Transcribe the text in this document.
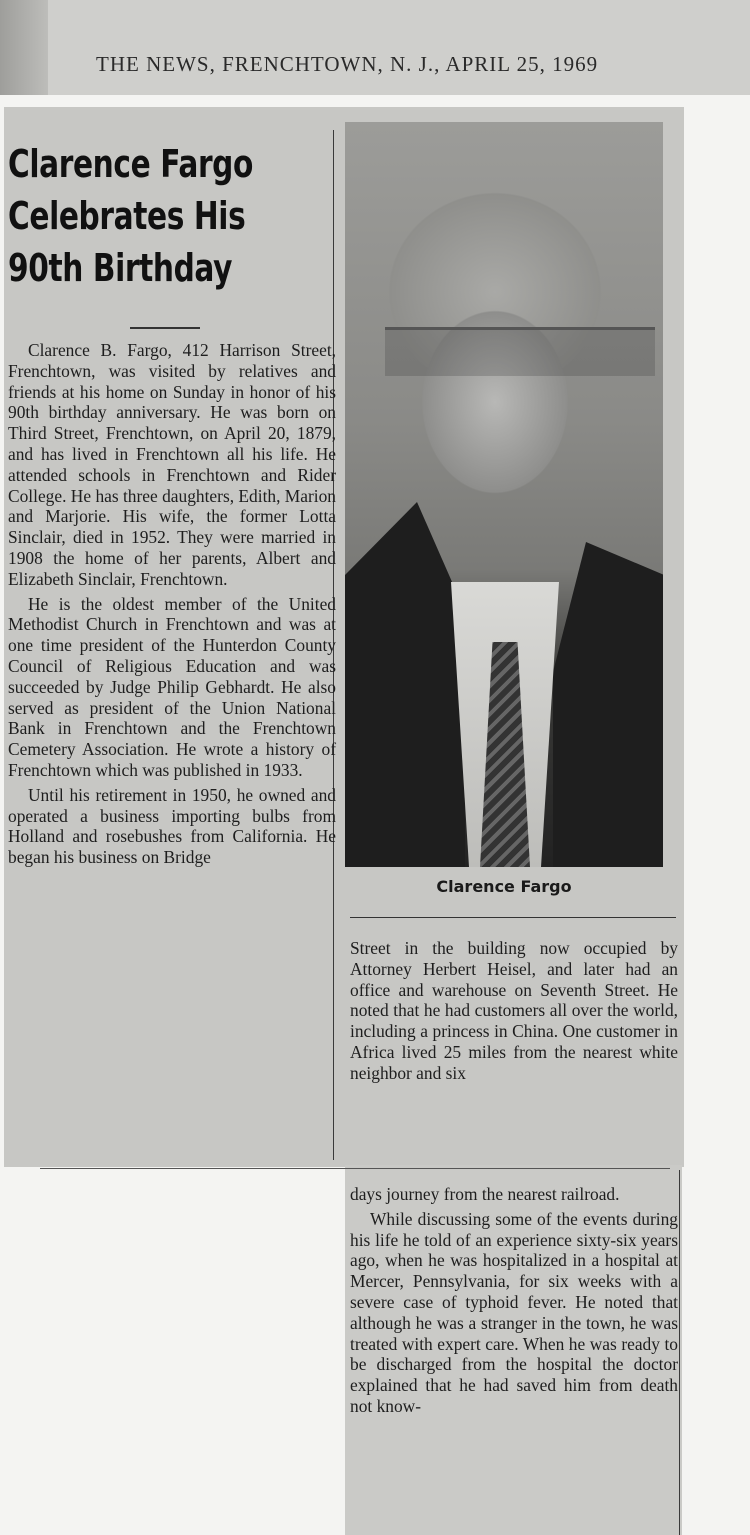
THE NEWS, FRENCHTOWN, N. J., APRIL 25, 1969
Clarence Fargo
Celebrates His
90th Birthday

Clarence B. Fargo, 412 Harrison Street, Frenchtown, was visited by relatives and friends at his home on Sunday in honor of his 90th birthday anniversary. He was born on Third Street, Frenchtown, on April 20, 1879, and has lived in Frenchtown all his life. He attended schools in Frenchtown and Rider College. He has three daughters, Edith, Marion and Marjorie. His wife, the former Lotta Sinclair, died in 1952. They were married in 1908 the home of her parents, Albert and Elizabeth Sinclair, Frenchtown.

He is the oldest member of the United Methodist Church in Frenchtown and was at one time president of the Hunterdon County Council of Religious Education and was succeeded by Judge Philip Gebhardt. He also served as president of the Union National Bank in Frenchtown and the Frenchtown Cemetery Association. He wrote a history of Frenchtown which was published in 1933.

Until his retirement in 1950, he owned and operated a business importing bulbs from Holland and rosebushes from California. He began his business on Bridge

Clarence Fargo

Street in the building now occupied by Attorney Herbert Heisel, and later had an office and warehouse on Seventh Street. He noted that he had customers all over the world, including a princess in China. One customer in Africa lived 25 miles from the nearest white neighbor and six

days journey from the nearest railroad.

While discussing some of the events during his life he told of an experience sixty-six years ago, when he was hospitalized in a hospital at Mercer, Pennsylvania, for six weeks with a severe case of typhoid fever. He noted that although he was a stranger in the town, he was treated with expert care. When he was ready to be discharged from the hospital the doctor explained that he had saved him from death not know-
